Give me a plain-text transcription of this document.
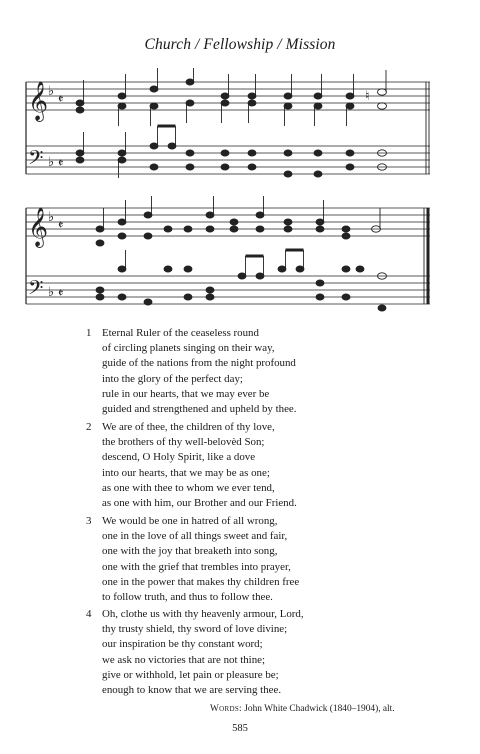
Church / Fellowship / Mission
𝄞
𝄢
♭
♭
𝄵
𝄵
♮
𝄞
𝄢
♭
♭
𝄵
𝄵
1 Eternal Ruler of the ceaseless round
of circling planets singing on their way,
guide of the nations from the night profound
into the glory of the perfect day;
rule in our hearts, that we may ever be
guided and strengthened and upheld by thee.
2 We are of thee, the children of thy love,
the brothers of thy well-belovèd Son;
descend, O Holy Spirit, like a dove
into our hearts, that we may be as one;
as one with thee to whom we ever tend,
as one with him, our Brother and our Friend.
3 We would be one in hatred of all wrong,
one in the love of all things sweet and fair,
one with the joy that breaketh into song,
one with the grief that trembles into prayer,
one in the power that makes thy children free
to follow truth, and thus to follow thee.
4 Oh, clothe us with thy heavenly armour, Lord,
thy trusty shield, thy sword of love divine;
our inspiration be thy constant word;
we ask no victories that are not thine;
give or withhold, let pain or pleasure be;
enough to know that we are serving thee.
Words: John White Chadwick (1840–1904), alt.
585
